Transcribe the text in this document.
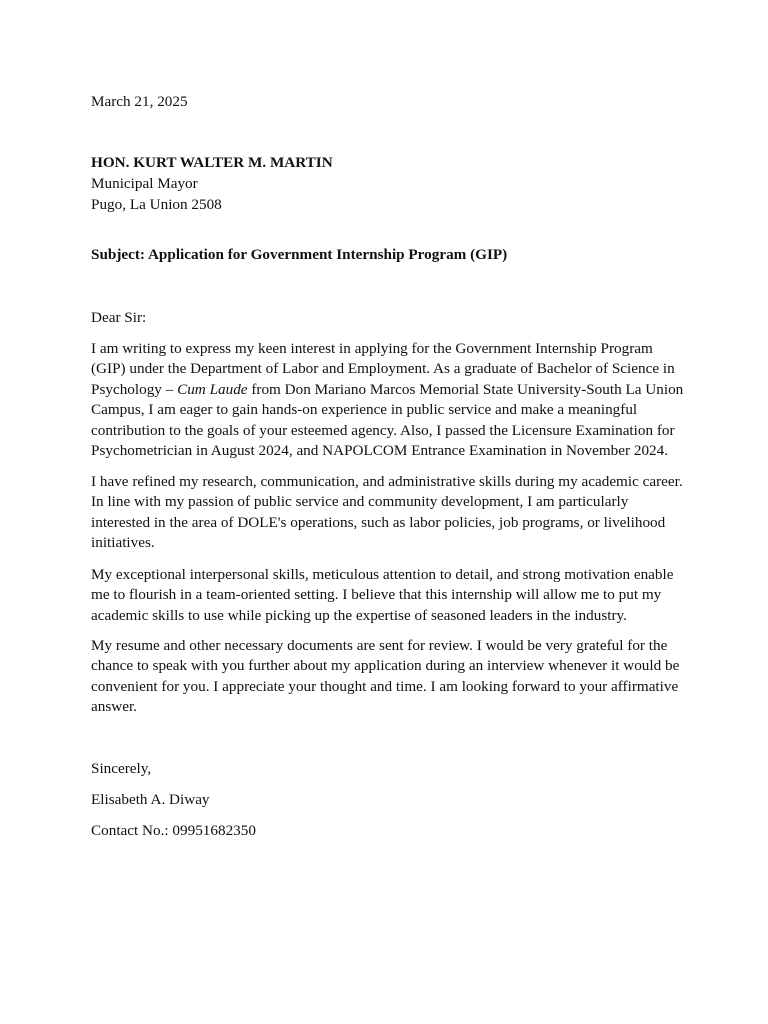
March 21, 2025
HON. KURT WALTER M. MARTIN
Municipal Mayor
Pugo, La Union 2508
Subject: Application for Government Internship Program (GIP)
Dear Sir:
I am writing to express my keen interest in applying for the Government Internship Program
(GIP) under the Department of Labor and Employment. As a graduate of Bachelor of Science in
Psychology – Cum Laude from Don Mariano Marcos Memorial State University-South La Union
Campus, I am eager to gain hands-on experience in public service and make a meaningful
contribution to the goals of your esteemed agency. Also, I passed the Licensure Examination for
Psychometrician in August 2024, and NAPOLCOM Entrance Examination in November 2024.
I have refined my research, communication, and administrative skills during my academic career.
In line with my passion of public service and community development, I am particularly
interested in the area of DOLE's operations, such as labor policies, job programs, or livelihood
initiatives.
My exceptional interpersonal skills, meticulous attention to detail, and strong motivation enable
me to flourish in a team-oriented setting. I believe that this internship will allow me to put my
academic skills to use while picking up the expertise of seasoned leaders in the industry.
My resume and other necessary documents are sent for review. I would be very grateful for the
chance to speak with you further about my application during an interview whenever it would be
convenient for you. I appreciate your thought and time. I am looking forward to your affirmative
answer.
Sincerely,
Elisabeth A. Diway
Contact No.: 09951682350
